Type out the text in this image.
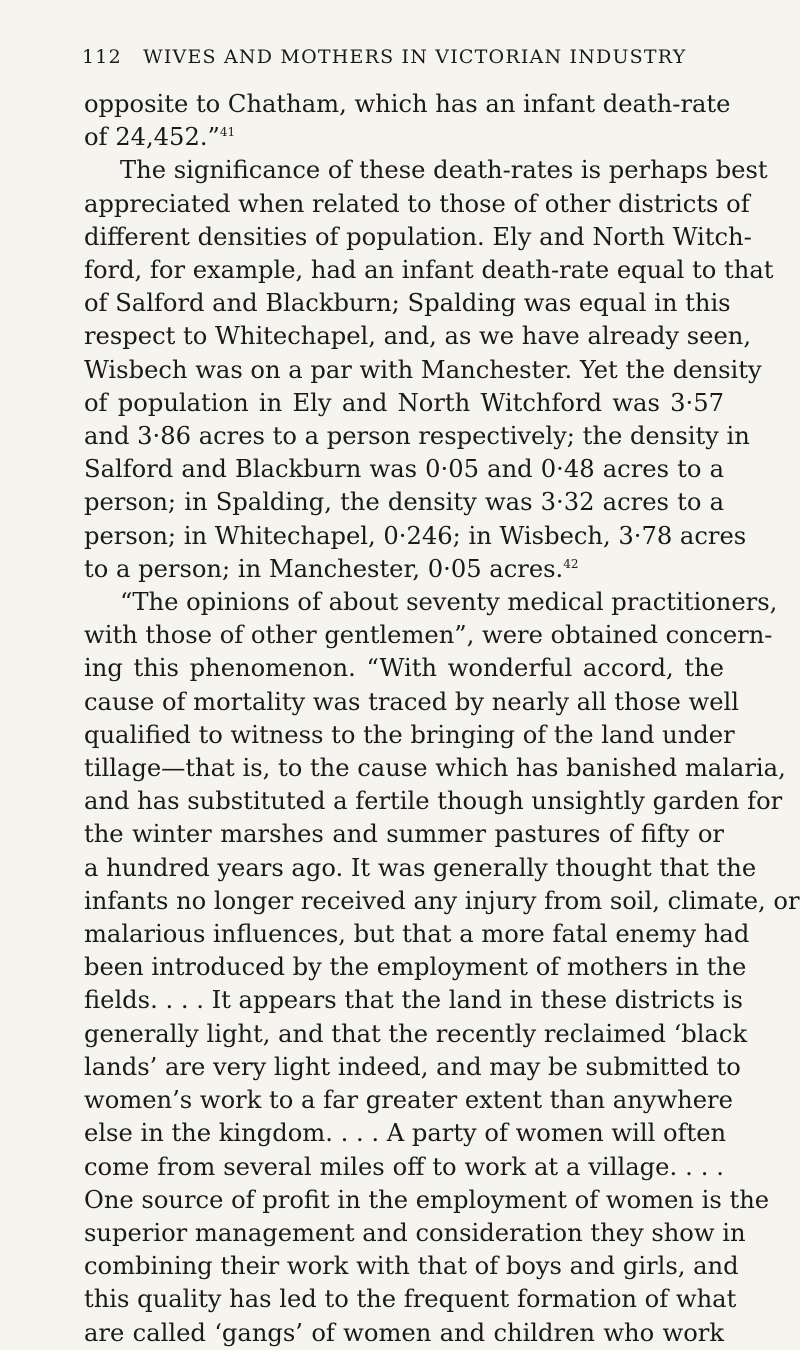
112 WIVES AND MOTHERS IN VICTORIAN INDUSTRY
opposite to Chatham, which has an infant death-rate
of 24,452.”$^{41}$
The significance of these death-rates is perhaps best
appreciated when related to those of other districts of
different densities of population. Ely and North Witch-
ford, for example, had an infant death-rate equal to that
of Salford and Blackburn; Spalding was equal in this
respect to Whitechapel, and, as we have already seen,
Wisbech was on a par with Manchester. Yet the density
of population in Ely and North Witchford was 3·57
and 3·86 acres to a person respectively; the density in
Salford and Blackburn was 0·05 and 0·48 acres to a
person; in Spalding, the density was 3·32 acres to a
person; in Whitechapel, 0·246; in Wisbech, 3·78 acres
to a person; in Manchester, 0·05 acres.$^{42}$
“The opinions of about seventy medical practitioners,
with those of other gentlemen”, were obtained concern-
ing this phenomenon. “With wonderful accord, the
cause of mortality was traced by nearly all those well
qualified to witness to the bringing of the land under
tillage—that is, to the cause which has banished malaria,
and has substituted a fertile though unsightly garden for
the winter marshes and summer pastures of fifty or
a hundred years ago. It was generally thought that the
infants no longer received any injury from soil, climate, or
malarious influences, but that a more fatal enemy had
been introduced by the employment of mothers in the
fields. . . . It appears that the land in these districts is
generally light, and that the recently reclaimed ‘black
lands’ are very light indeed, and may be submitted to
women’s work to a far greater extent than anywhere
else in the kingdom. . . . A party of women will often
come from several miles off to work at a village. . . .
One source of profit in the employment of women is the
superior management and consideration they show in
combining their work with that of boys and girls, and
this quality has led to the frequent formation of what
are called ‘gangs’ of women and children who work
